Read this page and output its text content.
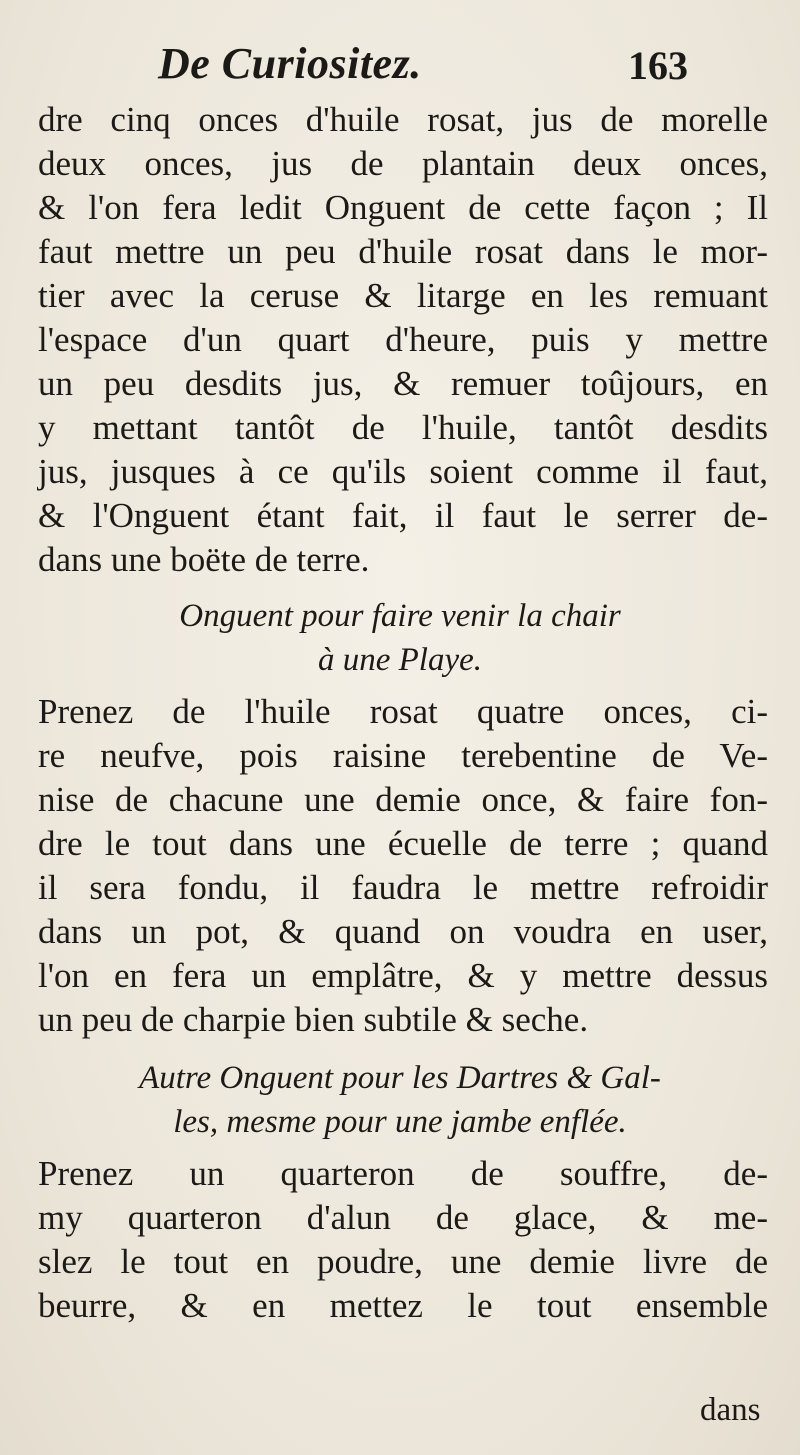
De Curiositez.	163
dre cinq onces d'huile rosat, jus de morelle
deux onces, jus de plantain deux onces,
& l'on fera ledit Onguent de cette façon ; Il
faut mettre un peu d'huile rosat dans le mor-
tier avec la ceruse & litarge en les remuant
l'espace d'un quart d'heure, puis y mettre
un peu desdits jus, & remuer toûjours, en
y mettant tantôt de l'huile, tantôt desdits
jus, jusques à ce qu'ils soient comme il faut,
& l'Onguent étant fait, il faut le serrer de-
dans une boëte de terre.
Onguent pour faire venir la chair
à une Playe.
Prenez de l'huile rosat quatre onces, ci-
re neufve, pois raisine terebentine de Ve-
nise de chacune une demie once, & faire fon-
dre le tout dans une écuelle de terre ; quand
il sera fondu, il faudra le mettre refroidir
dans un pot, & quand on voudra en user,
l'on en fera un emplâtre, & y mettre dessus
un peu de charpie bien subtile & seche.
Autre Onguent pour les Dartres & Gal-
les, mesme pour une jambe enflée.
Prenez un quarteron de souffre, de-
my quarteron d'alun de glace, & me-
slez le tout en poudre, une demie livre de
beurre, & en mettez le tout ensemble
dans
